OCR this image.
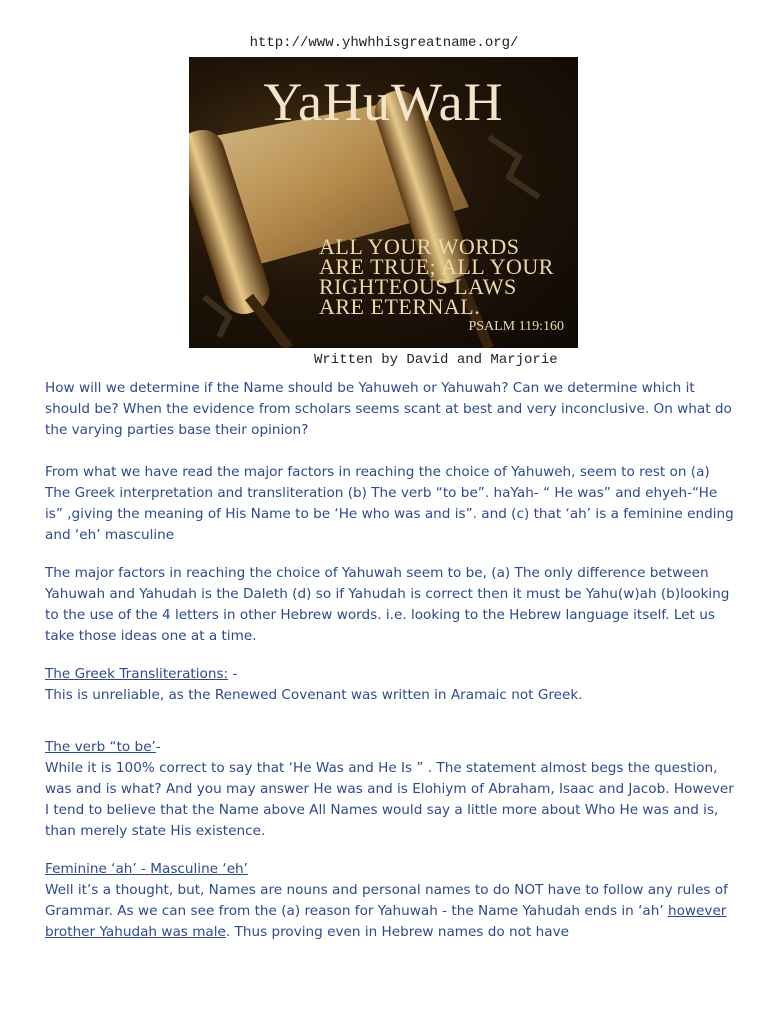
http://www.yhwhhisgreatname.org/
YaHuWaH
ALL YOUR WORDS
ARE TRUE; ALL YOUR
RIGHTEOUS LAWS
ARE ETERNAL.
PSALM 119:160
Written by David and Marjorie

How will we determine if the Name should be Yahuweh or Yahuwah? Can we determine which it should be? When the evidence from scholars seems scant at best and very inconclusive. On what do the varying parties base their opinion?

From what we have read the major factors in reaching the choice of Yahuweh, seem to rest on (a) The Greek interpretation and transliteration (b) The verb “to be”. haYah- “ He was” and ehyeh-“He is” ,giving the meaning of His Name to be ‘He who was and is”. and (c) that ‘ah’ is a feminine ending and ‘eh’ masculine

The major factors in reaching the choice of Yahuwah seem to be, (a) The only difference between Yahuwah and Yahudah is the Daleth (d) so if Yahudah is correct then it must be Yahu(w)ah (b)looking to the use of the 4 letters in other Hebrew words. i.e. looking to the Hebrew language itself. Let us take those ideas one at a time.

The Greek Transliterations: -

This is unreliable, as the Renewed Covenant was written in Aramaic not Greek.

The verb “to be’-

While it is 100% correct to say that ‘He Was and He Is ” . The statement almost begs the question, was and is what? And you may answer He was and is Elohiym of Abraham, Isaac and Jacob. However I tend to believe that the Name above All Names would say a little more about Who He was and is, than merely state His existence.

Feminine ‘ah’ - Masculine ‘eh’

Well it’s a thought, but, Names are nouns and personal names to do NOT have to follow any rules of Grammar. As we can see from the (a) reason for Yahuwah - the Name Yahudah ends in ‘ah’ however brother Yahudah was male. Thus proving even in Hebrew names do not have
